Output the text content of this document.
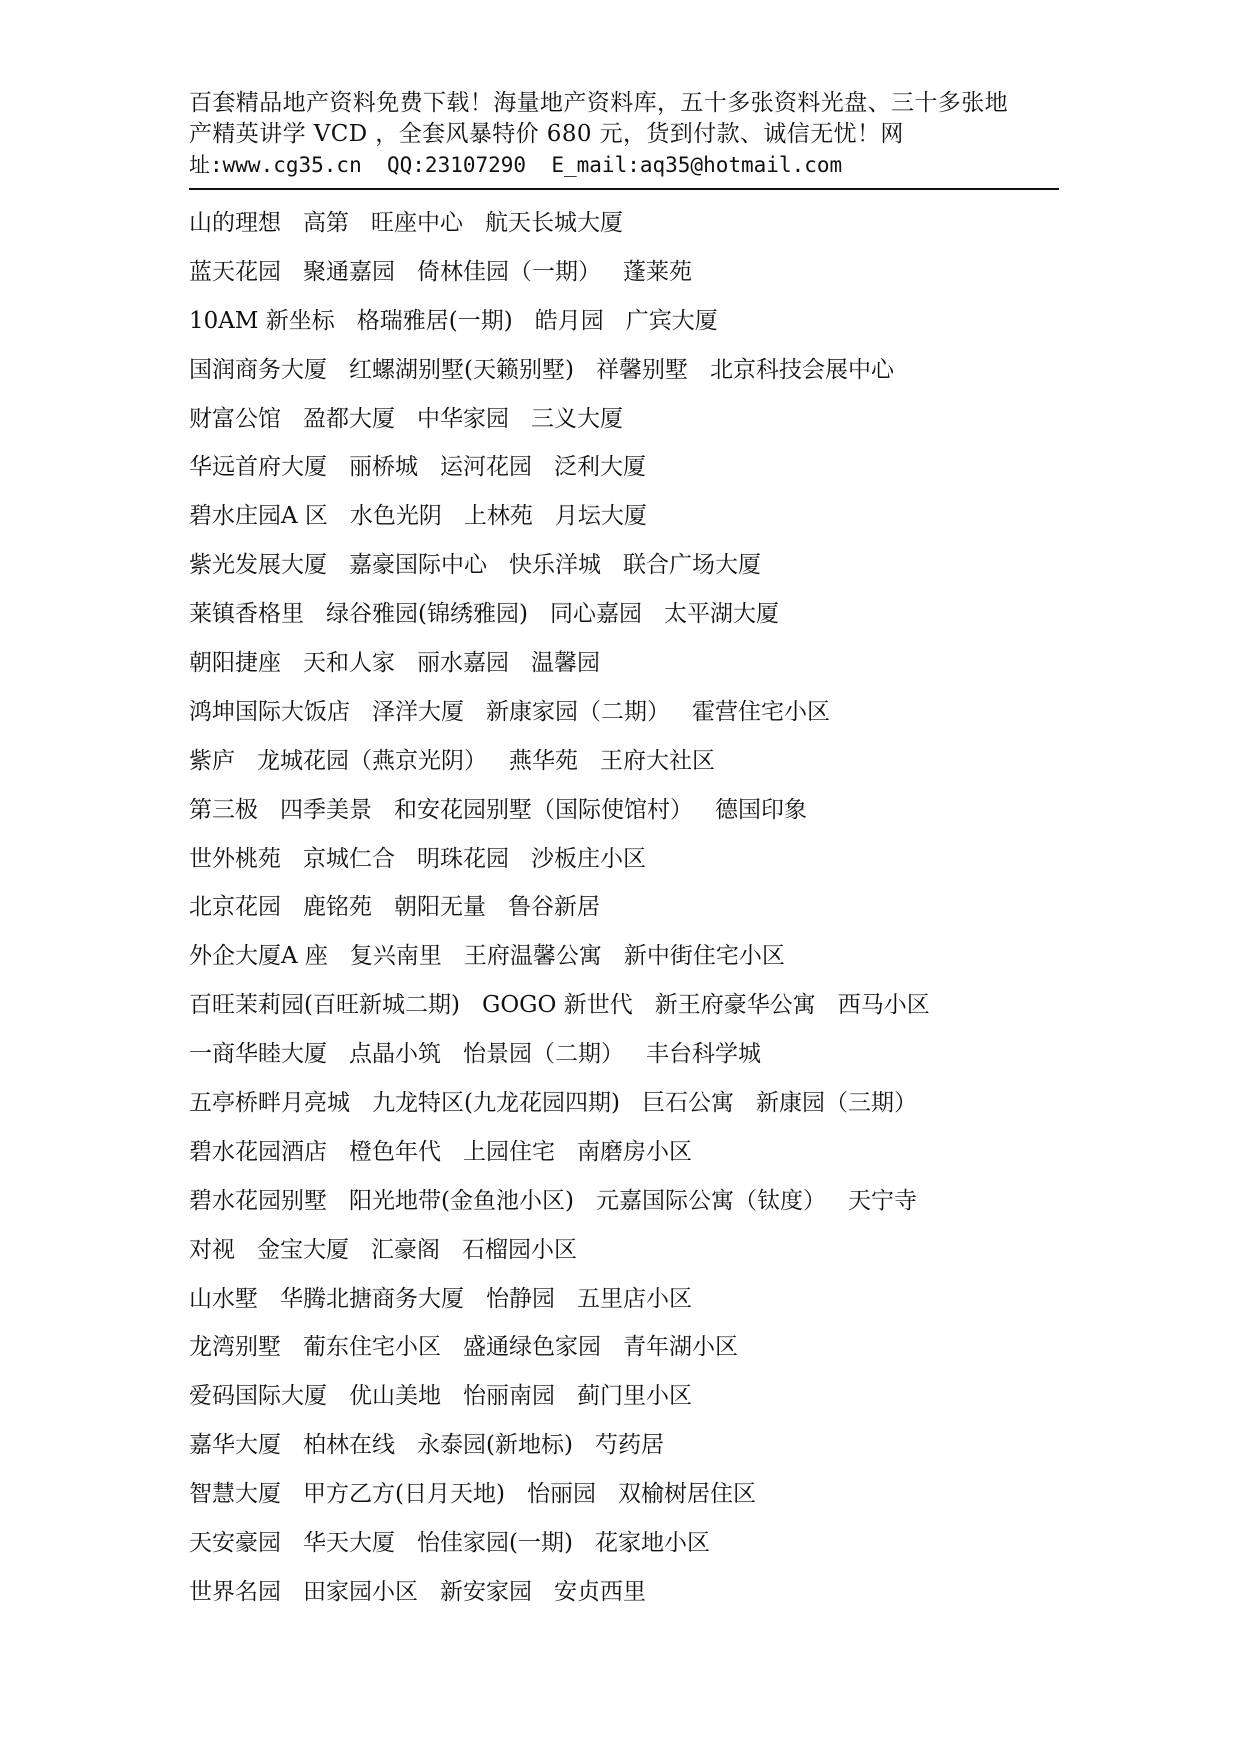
百套精品地产资料免费下载！海量地产资料库，五十多张资料光盘、三十多张地
产精英讲学 VCD ，全套风暴特价 680 元，货到付款、诚信无忧！网
址:www.cg35.cn  QQ:23107290  E_mail:aq35@hotmail.com
山的理想 高第 旺座中心 航天长城大厦
蓝天花园 聚通嘉园 倚林佳园（一期） 蓬莱苑
10AM 新坐标 格瑞雅居(一期) 皓月园 广宾大厦
国润商务大厦 红螺湖别墅(天籁别墅) 祥馨别墅 北京科技会展中心
财富公馆 盈都大厦 中华家园 三义大厦
华远首府大厦 丽桥城 运河花园 泛利大厦
碧水庄园A 区 水色光阴 上林苑 月坛大厦
紫光发展大厦 嘉豪国际中心 快乐洋城 联合广场大厦
莱镇香格里 绿谷雅园(锦绣雅园) 同心嘉园 太平湖大厦
朝阳捷座 天和人家 丽水嘉园 温馨园
鸿坤国际大饭店 泽洋大厦 新康家园（二期） 霍营住宅小区
紫庐 龙城花园（燕京光阴） 燕华苑 王府大社区
第三极 四季美景 和安花园别墅（国际使馆村） 德国印象
世外桃苑 京城仁合 明珠花园 沙板庄小区
北京花园 鹿铭苑 朝阳无量 鲁谷新居
外企大厦A 座 复兴南里 王府温馨公寓 新中街住宅小区
百旺茉莉园(百旺新城二期) GOGO 新世代 新王府豪华公寓 西马小区
一商华睦大厦 点晶小筑 怡景园（二期） 丰台科学城
五亭桥畔月亮城 九龙特区(九龙花园四期) 巨石公寓 新康园（三期）
碧水花园酒店 橙色年代 上园住宅 南磨房小区
碧水花园别墅 阳光地带(金鱼池小区) 元嘉国际公寓（钛度） 天宁寺
对视 金宝大厦 汇豪阁 石榴园小区
山水墅 华腾北搪商务大厦 怡静园 五里店小区
龙湾别墅 葡东住宅小区 盛通绿色家园 青年湖小区
爱码国际大厦 优山美地 怡丽南园 蓟门里小区
嘉华大厦 柏林在线 永泰园(新地标) 芍药居
智慧大厦 甲方乙方(日月天地) 怡丽园 双榆树居住区
天安豪园 华天大厦 怡佳家园(一期) 花家地小区
世界名园 田家园小区 新安家园 安贞西里
